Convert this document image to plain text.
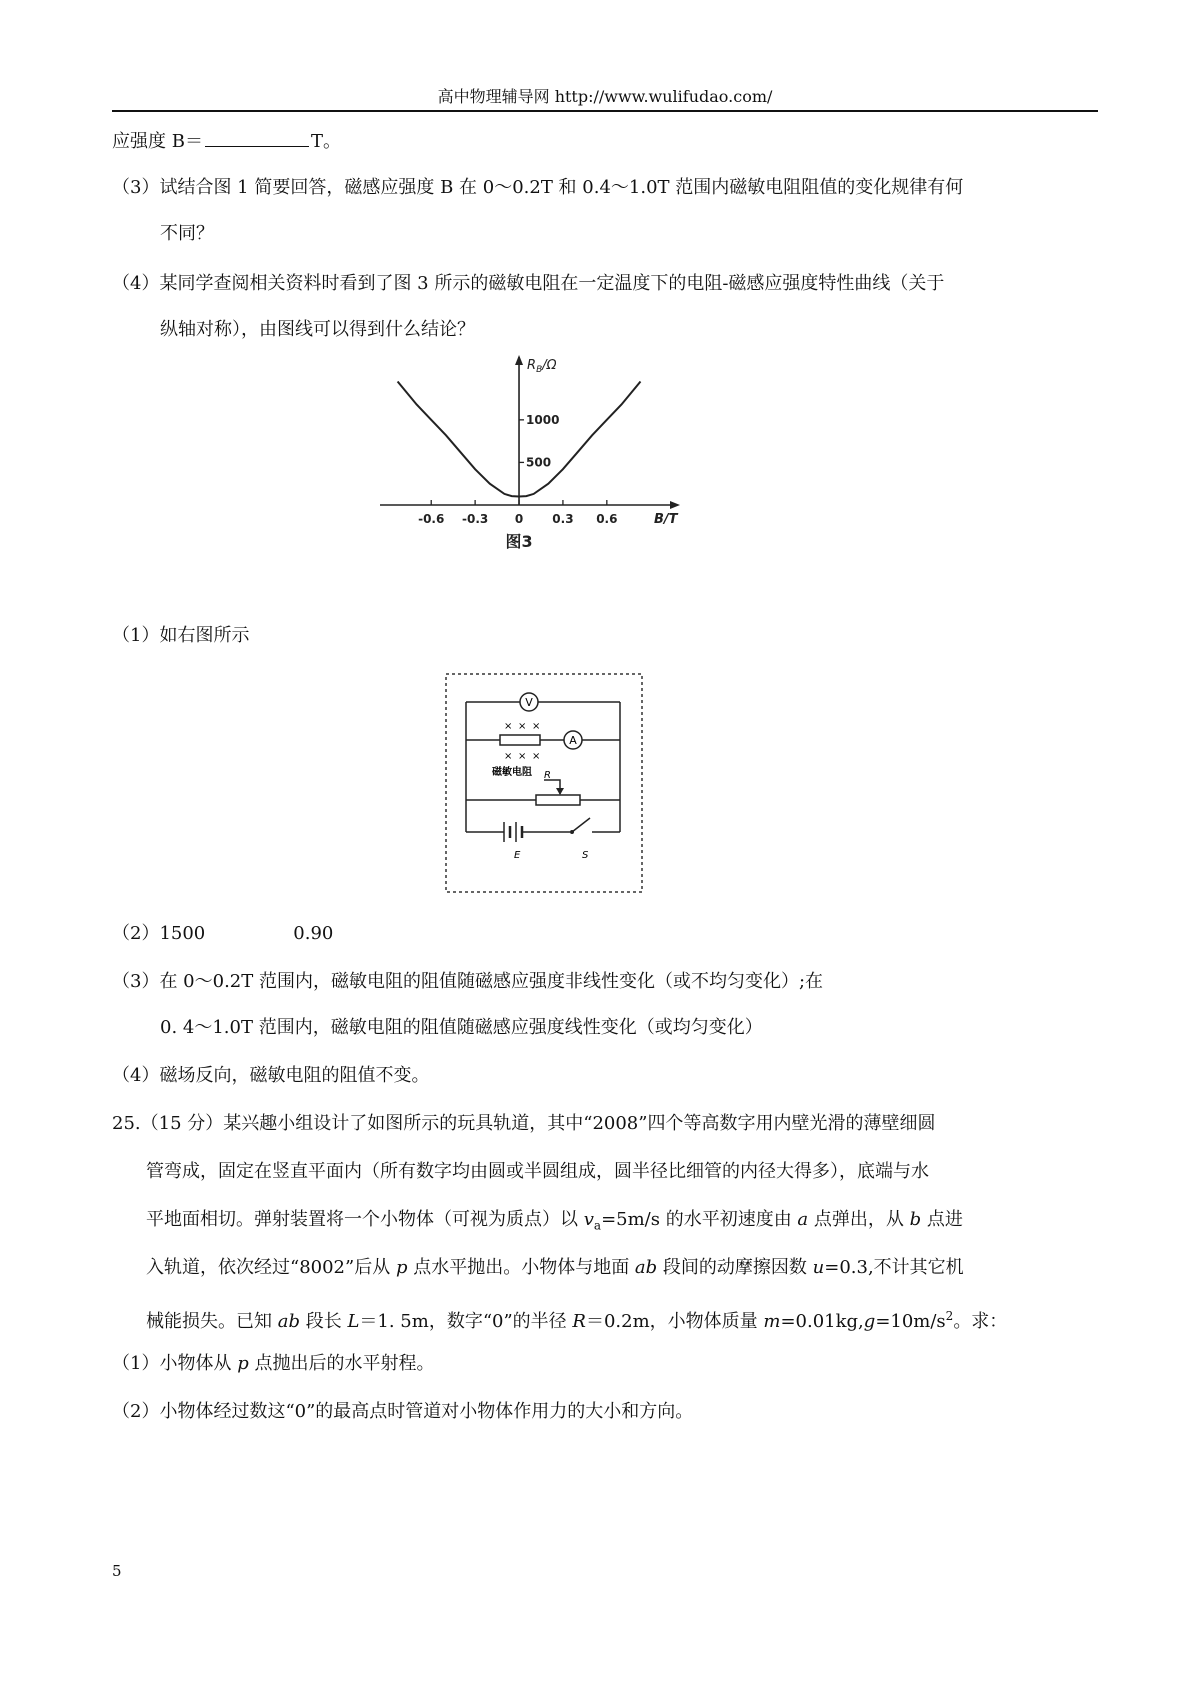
高中物理辅导网 http://www.wulifudao.com/
应强度 B＝	T。
（3）试结合图 1 简要回答，磁感应强度 B 在 0～0.2T 和 0.4～1.0T 范围内磁敏电阻阻值的变化规律有何
不同？
（4）某同学查阅相关资料时看到了图 3 所示的磁敏电阻在一定温度下的电阻-磁感应强度特性曲线（关于
纵轴对称），由图线可以得到什么结论？
-0.6 -0.3 0 0.3 0.6
500
1000
$R_B/\Omega$
B/T
图3
（1）如右图所示
V
A
× × ×
× × ×
磁敏电阻 R
E	S
（2）1500	0.90
（3）在 0～0.2T 范围内，磁敏电阻的阻值随磁感应强度非线性变化（或不均匀变化）;在
0. 4～1.0T 范围内，磁敏电阻的阻值随磁感应强度线性变化（或均匀变化）
（4）磁场反向，磁敏电阻的阻值不变。
25.（15 分）某兴趣小组设计了如图所示的玩具轨道，其中“2008”四个等高数字用内壁光滑的薄壁细圆
管弯成，固定在竖直平面内（所有数字均由圆或半圆组成，圆半径比细管的内径大得多），底端与水
平地面相切。弹射装置将一个小物体（可视为质点）以 $v_a=5m/s$ 的水平初速度由 a 点弹出，从 b 点进
入轨道，依次经过“8002”后从 p 点水平抛出。小物体与地面 ab 段间的动摩擦因数 u=0.3,不计其它机
械能损失。已知 ab 段长 L＝1. 5m，数字“0”的半径 R＝0.2m，小物体质量 $m=0.01kg,g=10m/s^2$。求：
（1）小物体从 p 点抛出后的水平射程。
（2）小物体经过数这“0”的最高点时管道对小物体作用力的大小和方向。
5
